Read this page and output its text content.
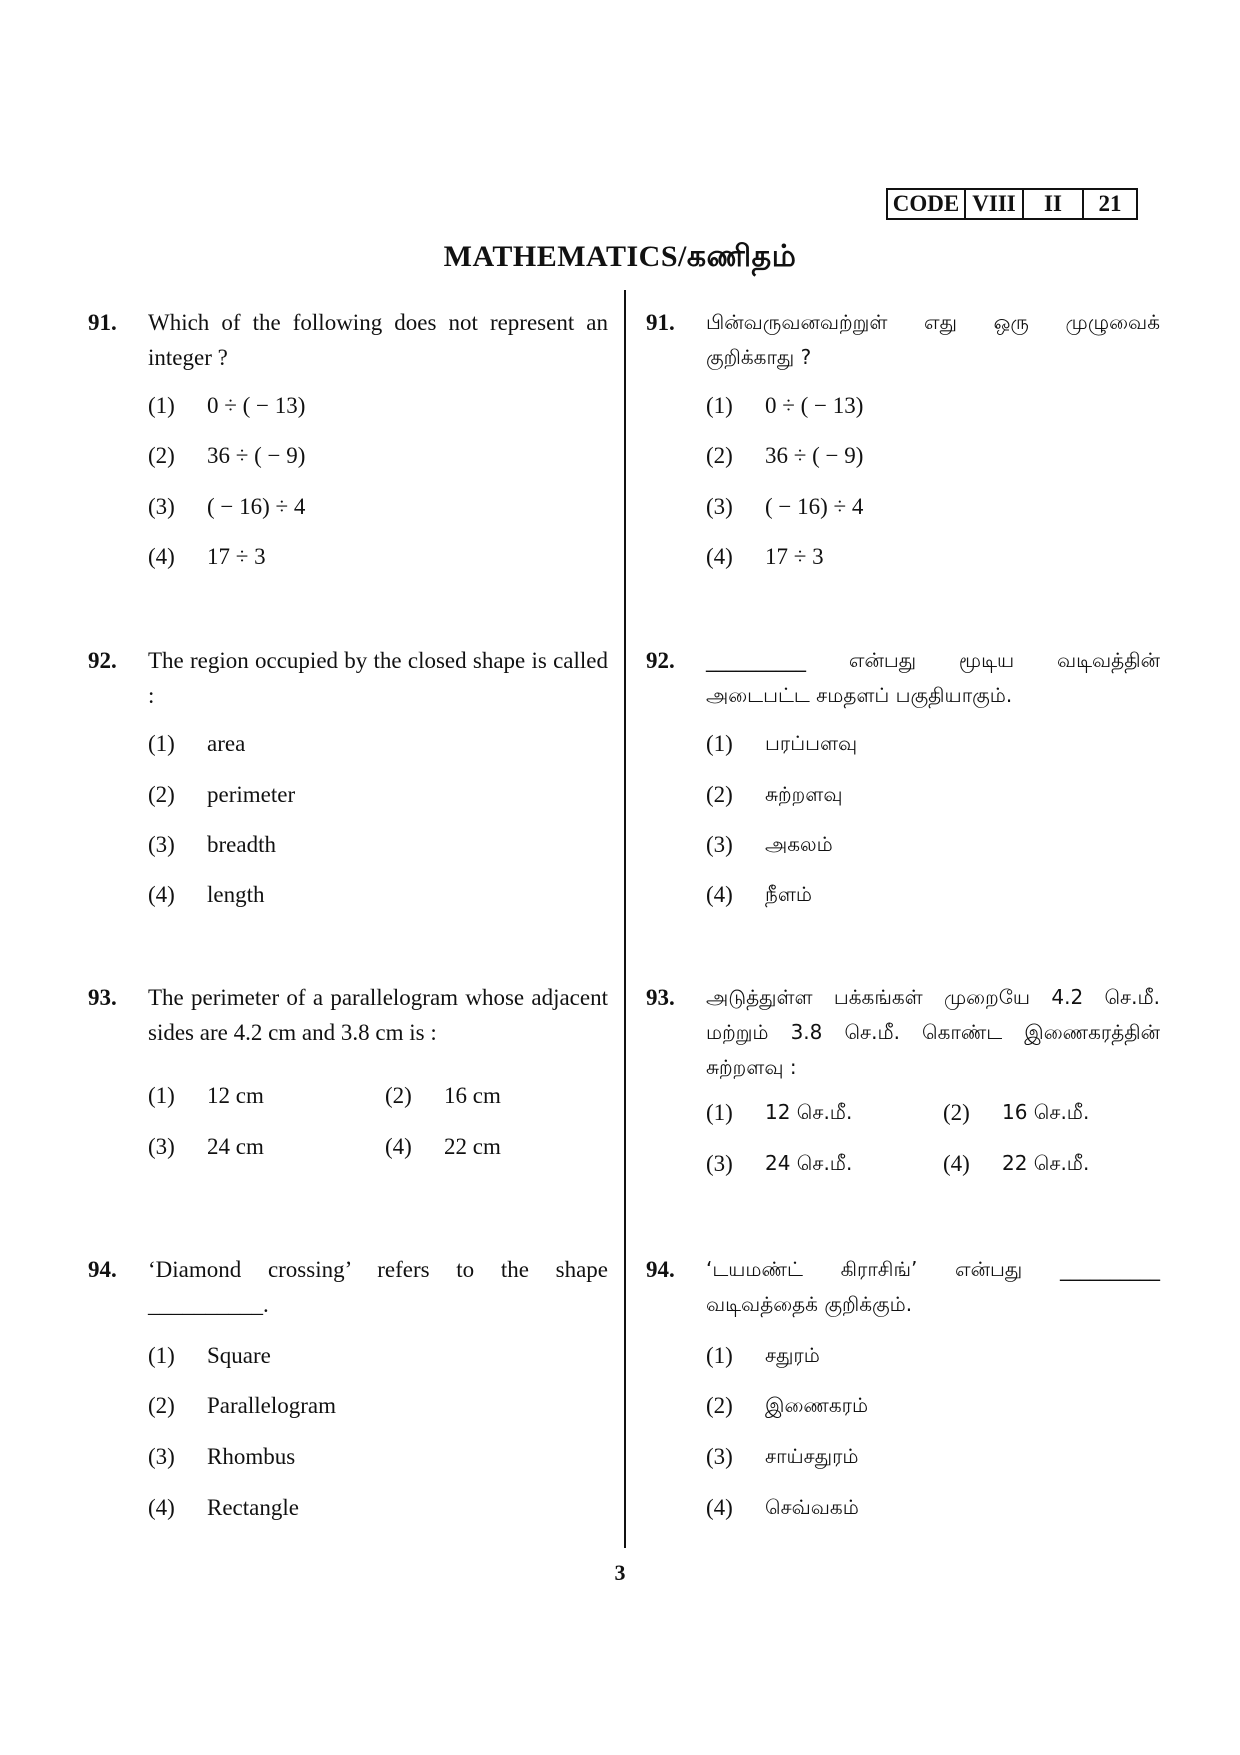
CODE VIII	II	21
MATHEMATICS/கணிதம்
91. Which of the following does not represent an integer ?
(1)	0 ÷ ( − 13)
(2)	36 ÷ ( − 9)
(3)	( − 16) ÷ 4
(4)	17 ÷ 3
92. The region occupied by the closed shape is called :
(1)	area
(2)	perimeter
(3)	breadth
(4)	length
93. The perimeter of a parallelogram whose adjacent sides are 4.2 cm and 3.8 cm is :
(1)	12 cm	(2)	16 cm
(3)	24 cm	(4)	22 cm
94. ‘Diamond crossing’ refers to the shape __________.
(1)	Square
(2)	Parallelogram
(3)	Rhombus
(4)	Rectangle
91. பின்வருவனவற்றுள் எது ஒரு முழுவைக் குறிக்காது ?
(1)	0 ÷ ( − 13)
(2)	36 ÷ ( − 9)
(3)	( − 16) ÷ 4
(4)	17 ÷ 3
92. __________ என்பது மூடிய வடிவத்தின் அடைபட்ட சமதளப் பகுதியாகும்.
(1)	பரப்பளவு
(2)	சுற்றளவு
(3)	அகலம்
(4)	நீளம்
93. அடுத்துள்ள பக்கங்கள் முறையே 4.2 செ.மீ. மற்றும் 3.8 செ.மீ. கொண்ட இணைகரத்தின் சுற்றளவு :
(1)	12 செ.மீ.	(2)	16 செ.மீ.
(3)	24 செ.மீ.	(4)	22 செ.மீ.
94. ‘டயமண்ட் கிராசிங்’ என்பது __________ வடிவத்தைக் குறிக்கும்.
(1)	சதுரம்
(2)	இணைகரம்
(3)	சாய்சதுரம்
(4)	செவ்வகம்
3
